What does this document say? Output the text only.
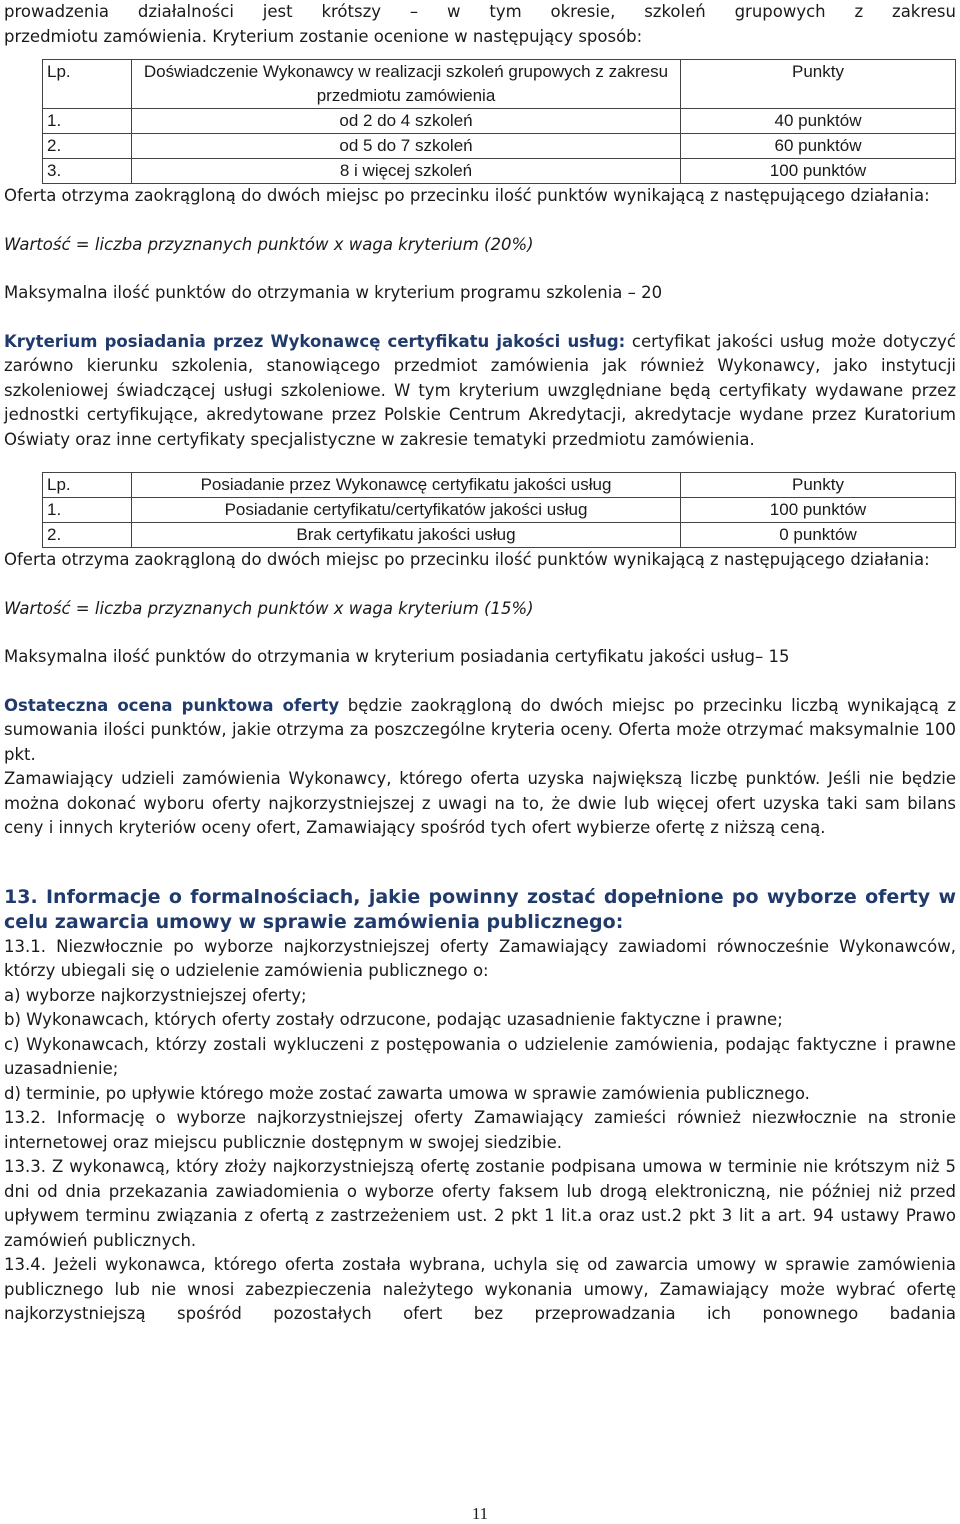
prowadzenia działalności jest krótszy – w tym okresie, szkoleń grupowych z zakresu

przedmiotu zamówienia. Kryterium zostanie ocenione w następujący sposób:

Lp.	Doświadczenie Wykonawcy w realizacji szkoleń grupowych z zakresu przedmiotu zamówienia	Punkty
1.	od 2 do 4 szkoleń	40 punktów
2.	od 5 do 7 szkoleń	60 punktów
3.	8 i więcej szkoleń	100 punktów

Oferta otrzyma zaokrągloną do dwóch miejsc po przecinku ilość punktów wynikającą z następującego działania:

Wartość = liczba przyznanych punktów x waga kryterium (20%)

Maksymalna ilość punktów do otrzymania w kryterium programu szkolenia – 20

Kryterium posiadania przez Wykonawcę certyfikatu jakości usług: certyfikat jakości usług może dotyczyć zarówno kierunku szkolenia, stanowiącego przedmiot zamówienia jak również Wykonawcy, jako instytucji szkoleniowej świadczącej usługi szkoleniowe. W tym kryterium uwzględniane będą certyfikaty wydawane przez jednostki certyfikujące, akredytowane przez Polskie Centrum Akredytacji, akredytacje wydane przez Kuratorium Oświaty oraz inne certyfikaty specjalistyczne w zakresie tematyki przedmiotu zamówienia.

Lp.	Posiadanie przez Wykonawcę certyfikatu jakości usług	Punkty
1.	Posiadanie certyfikatu/certyfikatów jakości usług	100 punktów
2.	Brak certyfikatu jakości usług	0 punktów

Oferta otrzyma zaokrągloną do dwóch miejsc po przecinku ilość punktów wynikającą z następującego działania:

Wartość = liczba przyznanych punktów x waga kryterium (15%)

Maksymalna ilość punktów do otrzymania w kryterium posiadania certyfikatu jakości usług– 15

Ostateczna ocena punktowa oferty będzie zaokrągloną do dwóch miejsc po przecinku liczbą wynikającą z sumowania ilości punktów, jakie otrzyma za poszczególne kryteria oceny. Oferta może otrzymać maksymalnie 100 pkt.

Zamawiający udzieli zamówienia Wykonawcy, którego oferta uzyska największą liczbę punktów. Jeśli nie będzie można dokonać wyboru oferty najkorzystniejszej z uwagi na to, że dwie lub więcej ofert uzyska taki sam bilans ceny i innych kryteriów oceny ofert, Zamawiający spośród tych ofert wybierze ofertę z niższą ceną.

13. Informacje o formalnościach, jakie powinny zostać dopełnione po wyborze oferty w celu zawarcia umowy w sprawie zamówienia publicznego:

13.1. Niezwłocznie po wyborze najkorzystniejszej oferty Zamawiający zawiadomi równocześnie Wykonawców, którzy ubiegali się o udzielenie zamówienia publicznego o:

a) wyborze najkorzystniejszej oferty;

b) Wykonawcach, których oferty zostały odrzucone, podając uzasadnienie faktyczne i prawne;

c) Wykonawcach, którzy zostali wykluczeni z postępowania o udzielenie zamówienia, podając faktyczne i prawne uzasadnienie;

d) terminie, po upływie którego może zostać zawarta umowa w sprawie zamówienia publicznego.

13.2. Informację o wyborze najkorzystniejszej oferty Zamawiający zamieści również niezwłocznie na stronie internetowej oraz miejscu publicznie dostępnym w swojej siedzibie.

13.3. Z wykonawcą, który złoży najkorzystniejszą ofertę zostanie podpisana umowa w terminie nie krótszym niż 5 dni od dnia przekazania zawiadomienia o wyborze oferty faksem lub drogą elektroniczną, nie później niż przed upływem terminu związania z ofertą z zastrzeżeniem ust. 2 pkt 1 lit.a oraz ust.2 pkt 3 lit a art. 94 ustawy Prawo zamówień publicznych.

13.4. Jeżeli wykonawca, którego oferta została wybrana, uchyla się od zawarcia umowy w sprawie zamówienia publicznego lub nie wnosi zabezpieczenia należytego wykonania umowy, Zamawiający może wybrać ofertę najkorzystniejszą spośród pozostałych ofert bez przeprowadzania ich ponownego badania

11
